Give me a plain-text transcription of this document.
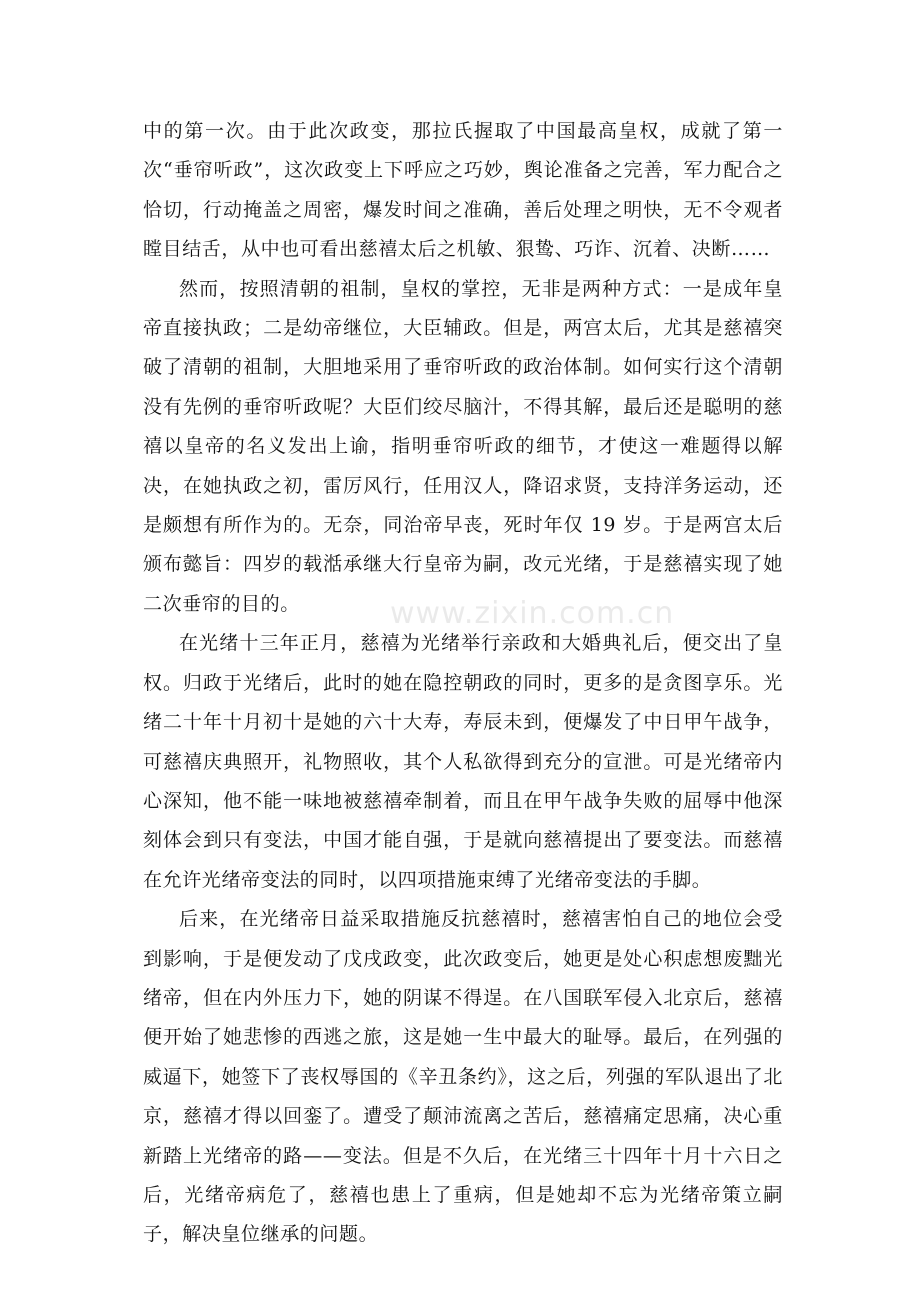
中的第一次。由于此次政变，那拉氏握取了中国最高皇权，成就了第一次“垂帘听政”，这次政变上下呼应之巧妙，舆论准备之完善，军力配合之恰切，行动掩盖之周密，爆发时间之准确，善后处理之明快，无不令观者瞠目结舌，从中也可看出慈禧太后之机敏、狠鸷、巧诈、沉着、决断……

然而，按照清朝的祖制，皇权的掌控，无非是两种方式：一是成年皇帝直接执政；二是幼帝继位，大臣辅政。但是，两宫太后，尤其是慈禧突破了清朝的祖制，大胆地采用了垂帘听政的政治体制。如何实行这个清朝没有先例的垂帘听政呢？大臣们绞尽脑汁，不得其解，最后还是聪明的慈禧以皇帝的名义发出上谕，指明垂帘听政的细节，才使这一难题得以解决，在她执政之初，雷厉风行，任用汉人，降诏求贤，支持洋务运动，还是颇想有所作为的。无奈，同治帝早丧，死时年仅 19 岁。于是两宫太后颁布懿旨：四岁的载湉承继大行皇帝为嗣，改元光绪，于是慈禧实现了她二次垂帘的目的。

在光绪十三年正月，慈禧为光绪举行亲政和大婚典礼后，便交出了皇权。归政于光绪后，此时的她在隐控朝政的同时，更多的是贪图享乐。光绪二十年十月初十是她的六十大寿，寿辰未到，便爆发了中日甲午战争，可慈禧庆典照开，礼物照收，其个人私欲得到充分的宣泄。可是光绪帝内心深知，他不能一味地被慈禧牵制着，而且在甲午战争失败的屈辱中他深刻体会到只有变法，中国才能自强，于是就向慈禧提出了要变法。而慈禧在允许光绪帝变法的同时，以四项措施束缚了光绪帝变法的手脚。

后来，在光绪帝日益采取措施反抗慈禧时，慈禧害怕自己的地位会受到影响，于是便发动了戊戌政变，此次政变后，她更是处心积虑想废黜光绪帝，但在内外压力下，她的阴谋不得逞。在八国联军侵入北京后，慈禧便开始了她悲惨的西逃之旅，这是她一生中最大的耻辱。最后，在列强的威逼下，她签下了丧权辱国的《辛丑条约》，这之后，列强的军队退出了北京，慈禧才得以回銮了。遭受了颠沛流离之苦后，慈禧痛定思痛，决心重新踏上光绪帝的路——变法。但是不久后，在光绪三十四年十月十六日之后，光绪帝病危了，慈禧也患上了重病，但是她却不忘为光绪帝策立嗣子，解决皇位继承的问题。

www.zixin.com.cn
